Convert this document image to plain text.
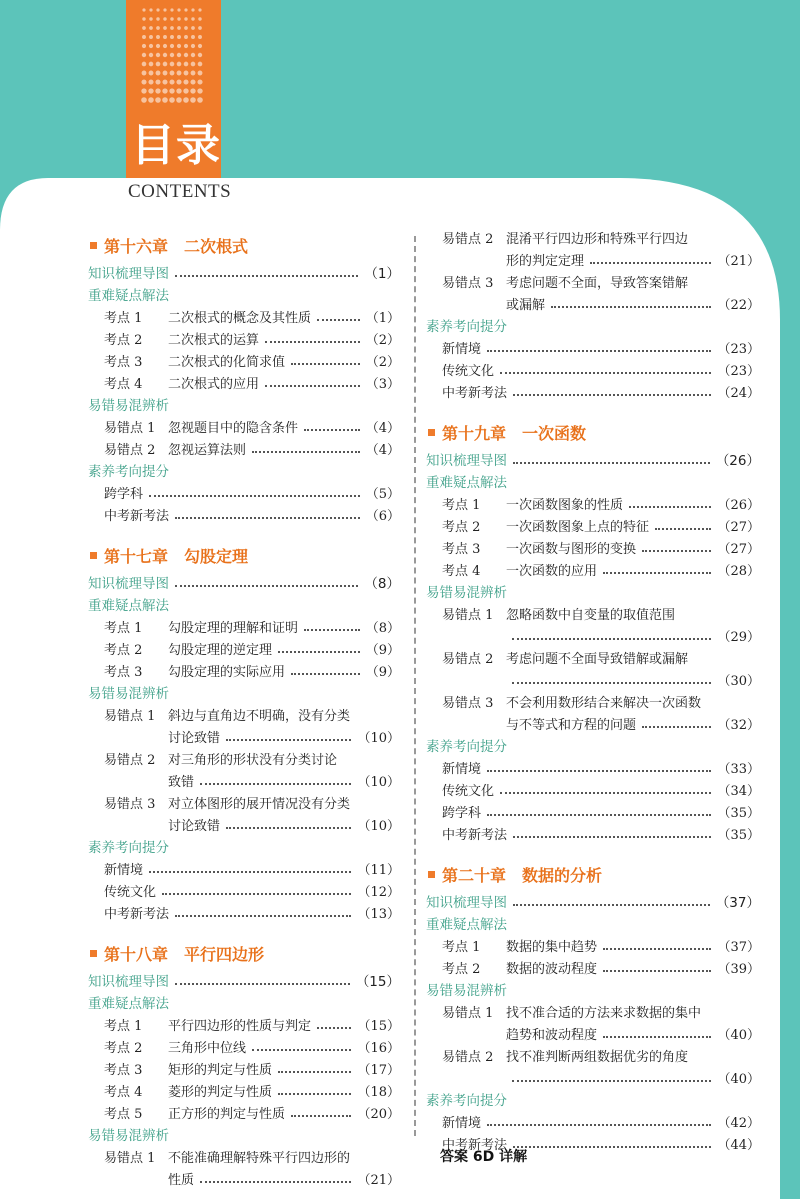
目录
CONTENTS
第十六章　二次根式
知识梳理导图	（1）
重难疑点解法
考点 1	二次根式的概念及其性质	（1）
考点 2	二次根式的运算	（2）
考点 3	二次根式的化简求值	（2）
考点 4	二次根式的应用	（3）
易错易混辨析
易错点 1 忽视题目中的隐含条件	（4）
易错点 2 忽视运算法则	（4）
素养考向提分
跨学科	（5）
中考新考法	（6）
第十七章　勾股定理
知识梳理导图	（8）
重难疑点解法
考点 1	勾股定理的理解和证明	（8）
考点 2	勾股定理的逆定理	（9）
考点 3	勾股定理的实际应用	（9）
易错易混辨析
易错点 1 斜边与直角边不明确，没有分类
讨论致错	（10）
易错点 2 对三角形的形状没有分类讨论
致错	（10）
易错点 3 对立体图形的展开情况没有分类
讨论致错	（10）
素养考向提分
新情境	（11）
传统文化	（12）
中考新考法	（13）
第十八章　平行四边形
知识梳理导图	（15）
重难疑点解法
考点 1	平行四边形的性质与判定	（15）
考点 2	三角形中位线	（16）
考点 3	矩形的判定与性质	（17）
考点 4	菱形的判定与性质	（18）
考点 5	正方形的判定与性质	（20）
易错易混辨析
易错点 1 不能准确理解特殊平行四边形的
性质	（21）
易错点 2 混淆平行四边形和特殊平行四边
形的判定定理	（21）
易错点 3 考虑问题不全面，导致答案错解
或漏解	（22）
素养考向提分
新情境	（23）
传统文化	（23）
中考新考法	（24）
第十九章　一次函数
知识梳理导图	（26）
重难疑点解法
考点 1	一次函数图象的性质	（26）
考点 2	一次函数图象上点的特征	（27）
考点 3	一次函数与图形的变换	（27）
考点 4	一次函数的应用	（28）
易错易混辨析
易错点 1 忽略函数中自变量的取值范围
（29）
易错点 2 考虑问题不全面导致错解或漏解
（30）
易错点 3 不会利用数形结合来解决一次函数
与不等式和方程的问题	（32）
素养考向提分
新情境	（33）
传统文化	（34）
跨学科	（35）
中考新考法	（35）
第二十章　数据的分析
知识梳理导图	（37）
重难疑点解法
考点 1	数据的集中趋势	（37）
考点 2	数据的波动程度	（39）
易错易混辨析
易错点 1 找不准合适的方法来求数据的集中
趋势和波动程度	（40）
易错点 2 找不准判断两组数据优劣的角度
（40）
素养考向提分
新情境	（42）
中考新考法	（44）
答案 6D 详解
